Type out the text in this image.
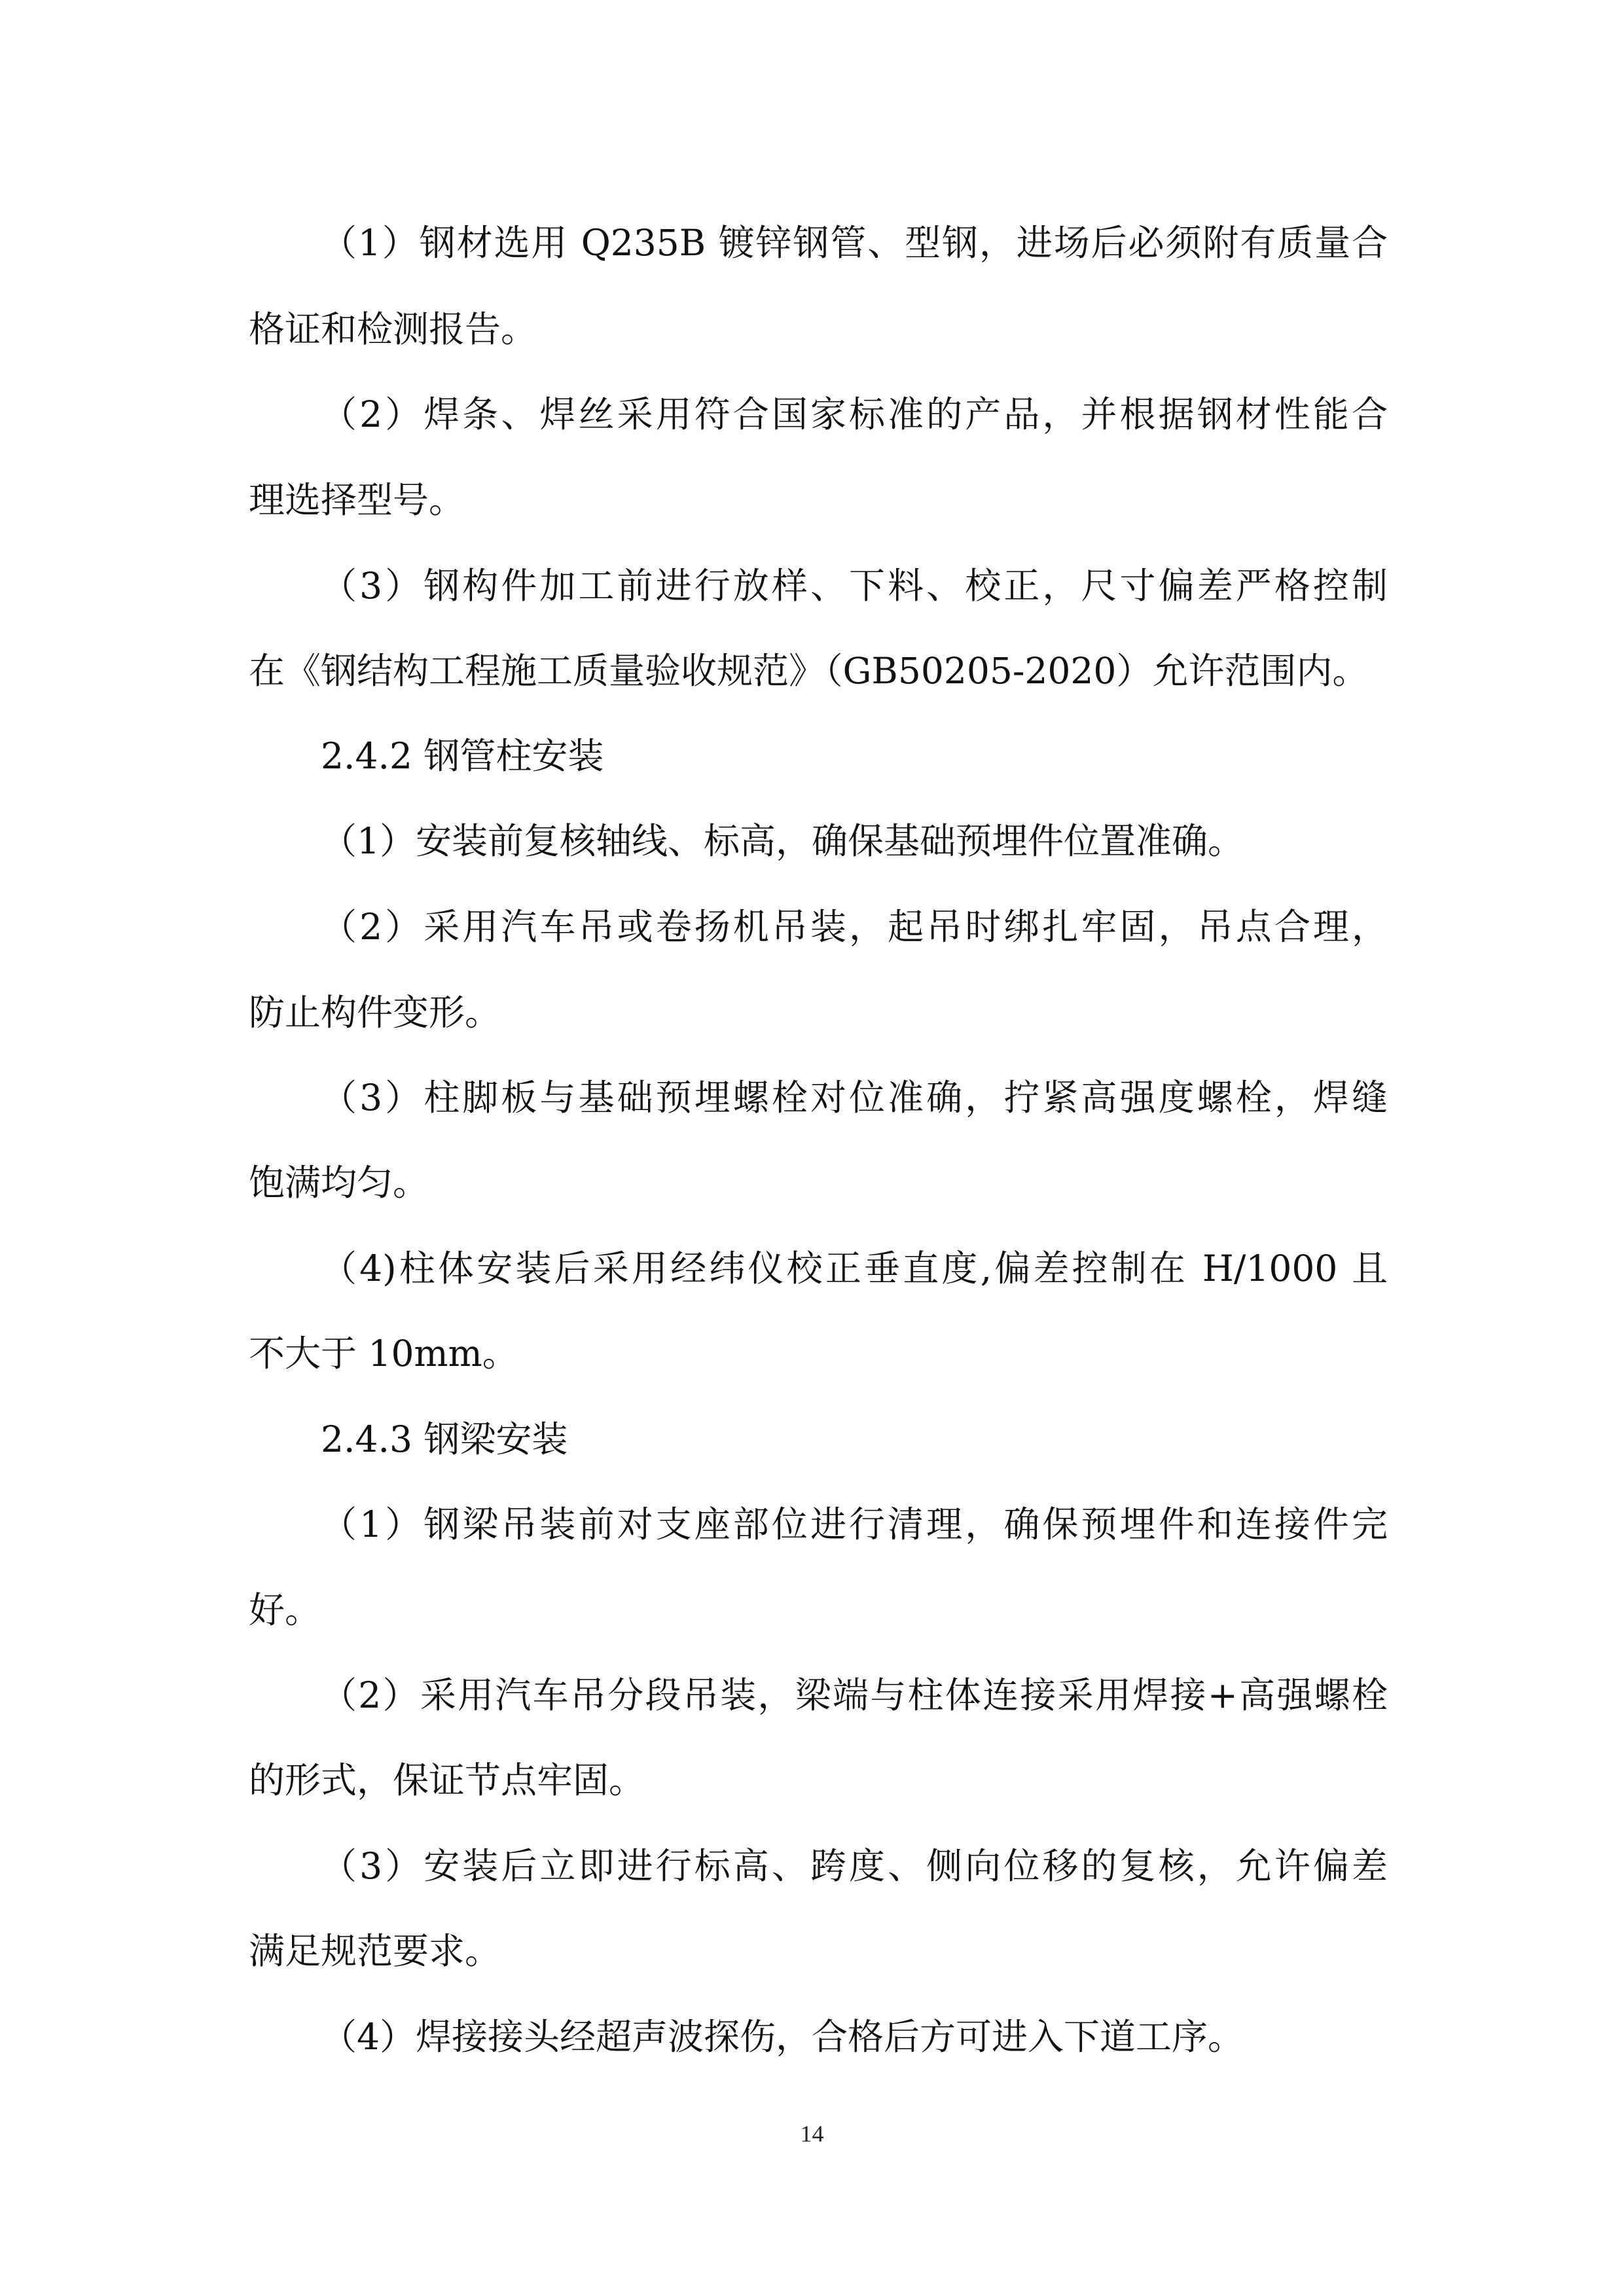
（1）钢材选用 Q235B 镀锌钢管、型钢，进场后必须附有质量合
格证和检测报告。
（2）焊条、焊丝采用符合国家标准的产品，并根据钢材性能合
理选择型号。
（3）钢构件加工前进行放样、下料、校正，尺寸偏差严格控制
在《钢结构工程施工质量验收规范》（GB50205-2020）允许范围内。
2.4.2 钢管柱安装
（1）安装前复核轴线、标高，确保基础预埋件位置准确。
（2）采用汽车吊或卷扬机吊装，起吊时绑扎牢固，吊点合理，
防止构件变形。
（3）柱脚板与基础预埋螺栓对位准确，拧紧高强度螺栓，焊缝
饱满均匀。
（4)柱体安装后采用经纬仪校正垂直度,偏差控制在 H/1000 且
不大于 10mm。
2.4.3 钢梁安装
（1）钢梁吊装前对支座部位进行清理，确保预埋件和连接件完
好。
（2）采用汽车吊分段吊装，梁端与柱体连接采用焊接+高强螺栓
的形式，保证节点牢固。
（3）安装后立即进行标高、跨度、侧向位移的复核，允许偏差
满足规范要求。
（4）焊接接头经超声波探伤，合格后方可进入下道工序。
14
